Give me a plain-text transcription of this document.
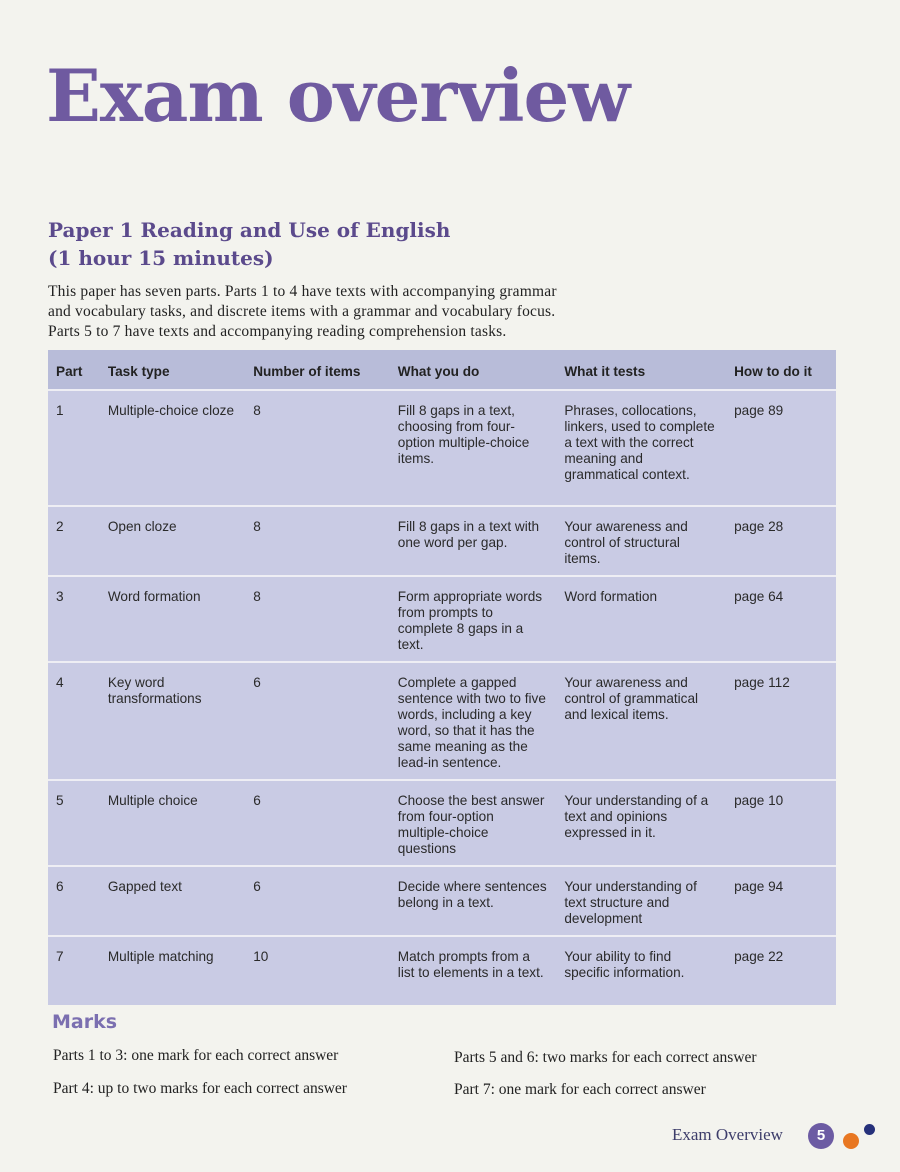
Exam overview
Paper 1 Reading and Use of English
(1 hour 15 minutes)

This paper has seven parts. Parts 1 to 4 have texts with accompanying grammar

and vocabulary tasks, and discrete items with a grammar and vocabulary focus.

Parts 5 to 7 have texts and accompanying reading comprehension tasks.

Part	Task type	Number of items	What you do	What it tests	How to do it
1	Multiple-choice cloze	8	Fill 8 gaps in a text, choosing from four-option multiple-choice items.	Phrases, collocations, linkers, used to complete a text with the correct meaning and grammatical context.	page 89
2	Open cloze	8	Fill 8 gaps in a text with one word per gap.	Your awareness and control of structural items.	page 28
3	Word formation	8	Form appropriate words from prompts to complete 8 gaps in a text.	Word formation	page 64
4	Key word transformations	6	Complete a gapped sentence with two to five words, including a key word, so that it has the same meaning as the lead-in sentence.	Your awareness and control of grammatical and lexical items.	page 112
5	Multiple choice	6	Choose the best answer from four-option multiple-choice questions	Your understanding of a text and opinions expressed in it.	page 10
6	Gapped text	6	Decide where sentences belong in a text.	Your understanding of text structure and development	page 94
7	Multiple matching	10	Match prompts from a list to elements in a text.	Your ability to find specific information.	page 22
Marks
Parts 1 to 3: one mark for each correct answer
Part 4: up to two marks for each correct answer
Parts 5 and 6: two marks for each correct answer
Part 7: one mark for each correct answer
Exam Overview	5
